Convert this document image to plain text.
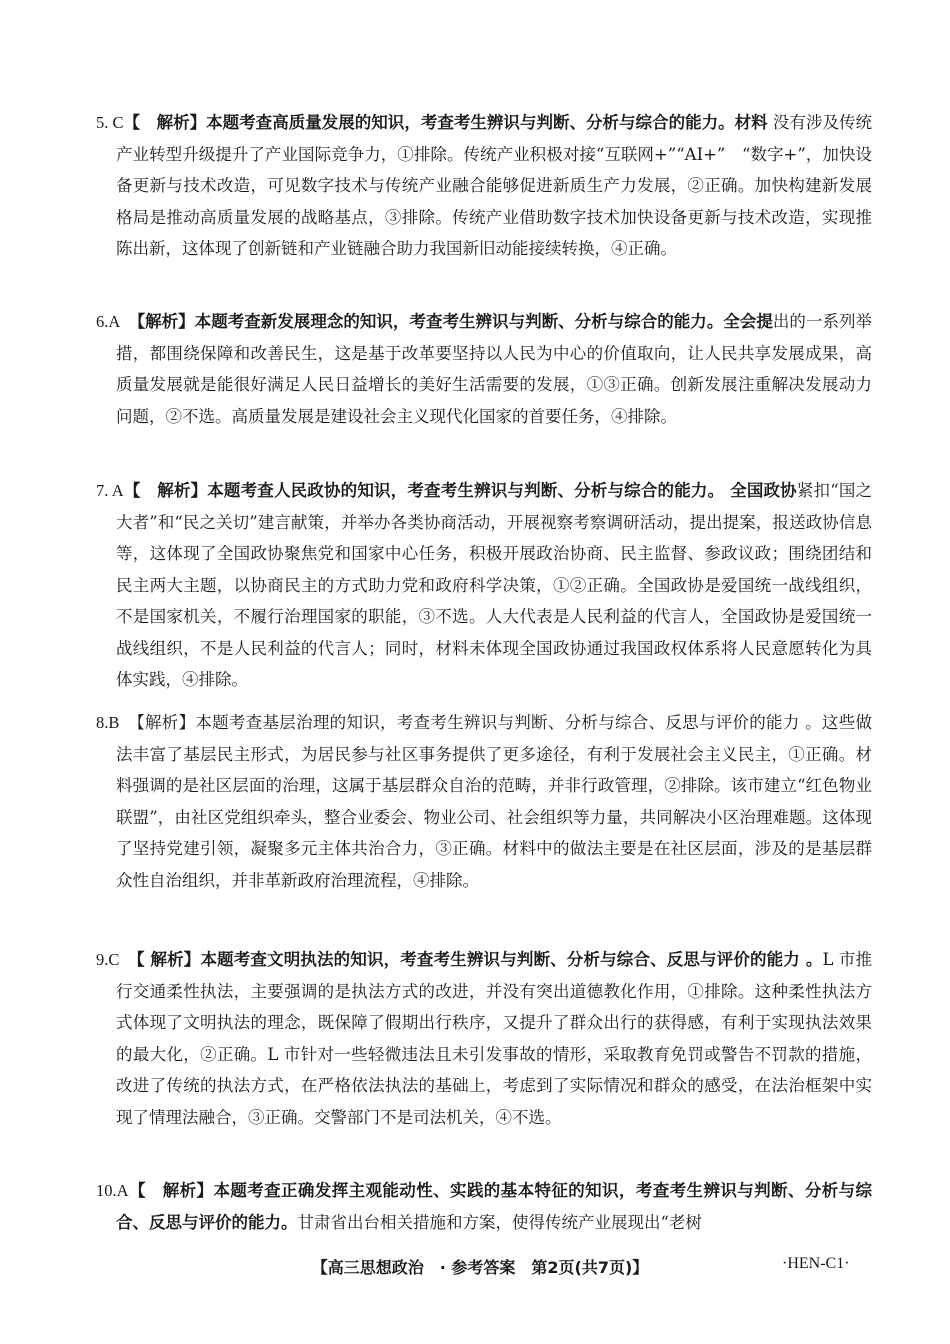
5. C【　解析】本题考查高质量发展的知识，考查考生辨识与判断、分析与综合的能力。材料 没有涉及传统产业转型升级提升了产业国际竞争力，①排除。传统产业积极对接“互联网+”“AI+”　“数字+”，加快设备更新与技术改造，可见数字技术与传统产业融合能够促进新质生产力发展，②正确。加快构建新发展格局是推动高质量发展的战略基点，③排除。传统产业借助数字技术加快设备更新与技术改造，实现推陈出新，这体现了创新链和产业链融合助力我国新旧动能接续转换，④正确。

6.A　【解析】本题考查新发展理念的知识，考查考生辨识与判断、分析与综合的能力。全会提出的一系列举措，都围绕保障和改善民生，这是基于改革要坚持以人民为中心的价值取向，让人民共享发展成果，高质量发展就是能很好满足人民日益增长的美好生活需要的发展，①③正确。创新发展注重解决发展动力问题，②不选。高质量发展是建设社会主义现代化国家的首要任务，④排除。

7. A【　解析】本题考查人民政协的知识，考查考生辨识与判断、分析与综合的能力。 全国政协紧扣“国之大者”和“民之关切”建言献策，并举办各类协商活动，开展视察考察调研活动，提出提案，报送政协信息等，这体现了全国政协聚焦党和国家中心任务，积极开展政治协商、民主监督、参政议政；围绕团结和民主两大主题，以协商民主的方式助力党和政府科学决策，①②正确。全国政协是爱国统一战线组织，不是国家机关，不履行治理国家的职能，③不选。人大代表是人民利益的代言人，全国政协是爱国统一战线组织，不是人民利益的代言人；同时，材料未体现全国政协通过我国政权体系将人民意愿转化为具体实践，④排除。

8.B　【解析】本题考查基层治理的知识，考查考生辨识与判断、分析与综合、反思与评价的能力 。这些做法丰富了基层民主形式，为居民参与社区事务提供了更多途径，有利于发展社会主义民主，①正确。材料强调的是社区层面的治理，这属于基层群众自治的范畴，并非行政管理，②排除。该市建立“红色物业联盟”，由社区党组织牵头，整合业委会、物业公司、社会组织等力量，共同解决小区治理难题。这体现了坚持党建引领，凝聚多元主体共治合力，③正确。材料中的做法主要是在社区层面，涉及的是基层群众性自治组织，并非革新政府治理流程，④排除。

9.C　【 解析】本题考查文明执法的知识，考查考生辨识与判断、分析与综合、反思与评价的能力 。L 市推行交通柔性执法，主要强调的是执法方式的改进，并没有突出道德教化作用，①排除。这种柔性执法方式体现了文明执法的理念，既保障了假期出行秩序，又提升了群众出行的获得感，有利于实现执法效果的最大化，②正确。L 市针对一些轻微违法且未引发事故的情形，采取教育免罚或警告不罚款的措施，改进了传统的执法方式，在严格依法执法的基础上，考虑到了实际情况和群众的感受，在法治框架中实现了情理法融合，③正确。交警部门不是司法机关，④不选。

10.A【　解析】本题考查正确发挥主观能动性、实践的基本特征的知识，考查考生辨识与判断、分析与综合、反思与评价的能力。甘肃省出台相关措施和方案，使得传统产业展现出“老树

【高三思想政治　· 参考答案　第2页(共7页)】	·HEN-C1·
